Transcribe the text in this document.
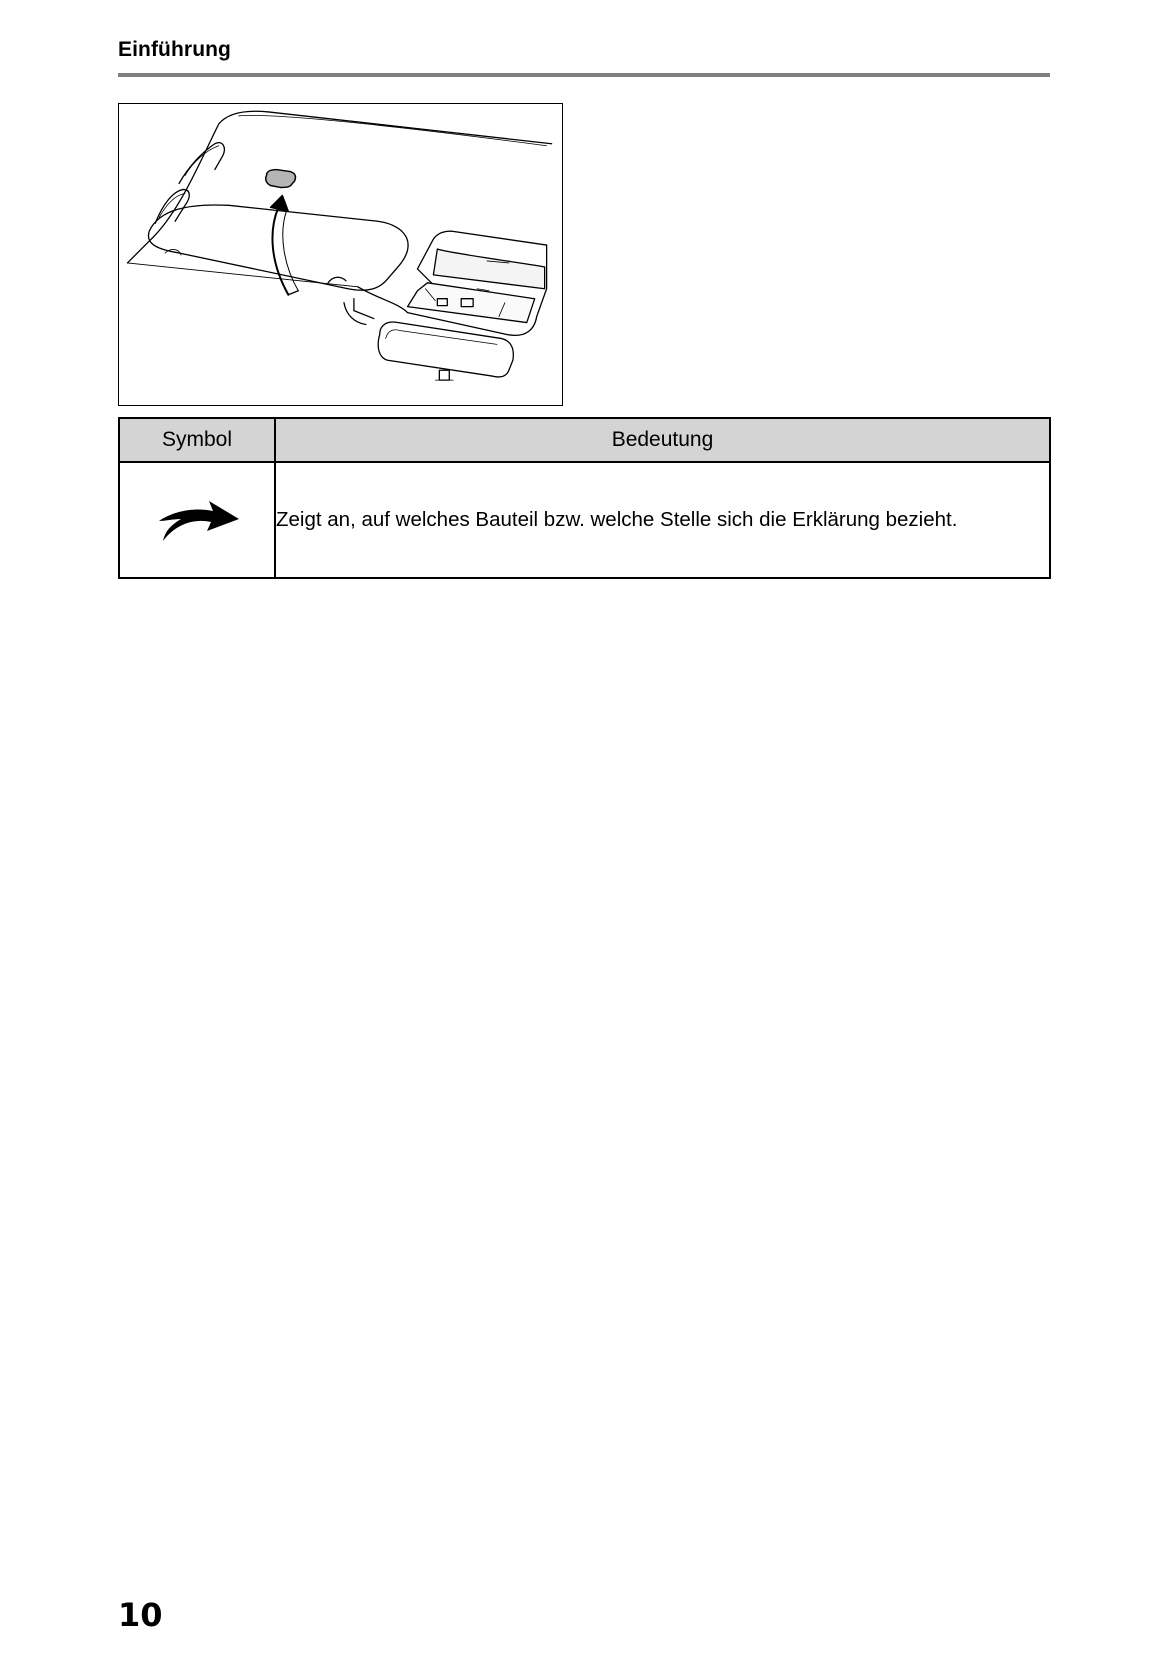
Einführung
Symbol	Bedeutung
	Zeigt an, auf welches Bauteil bzw. welche Stelle sich die Erklärung bezieht.
10
